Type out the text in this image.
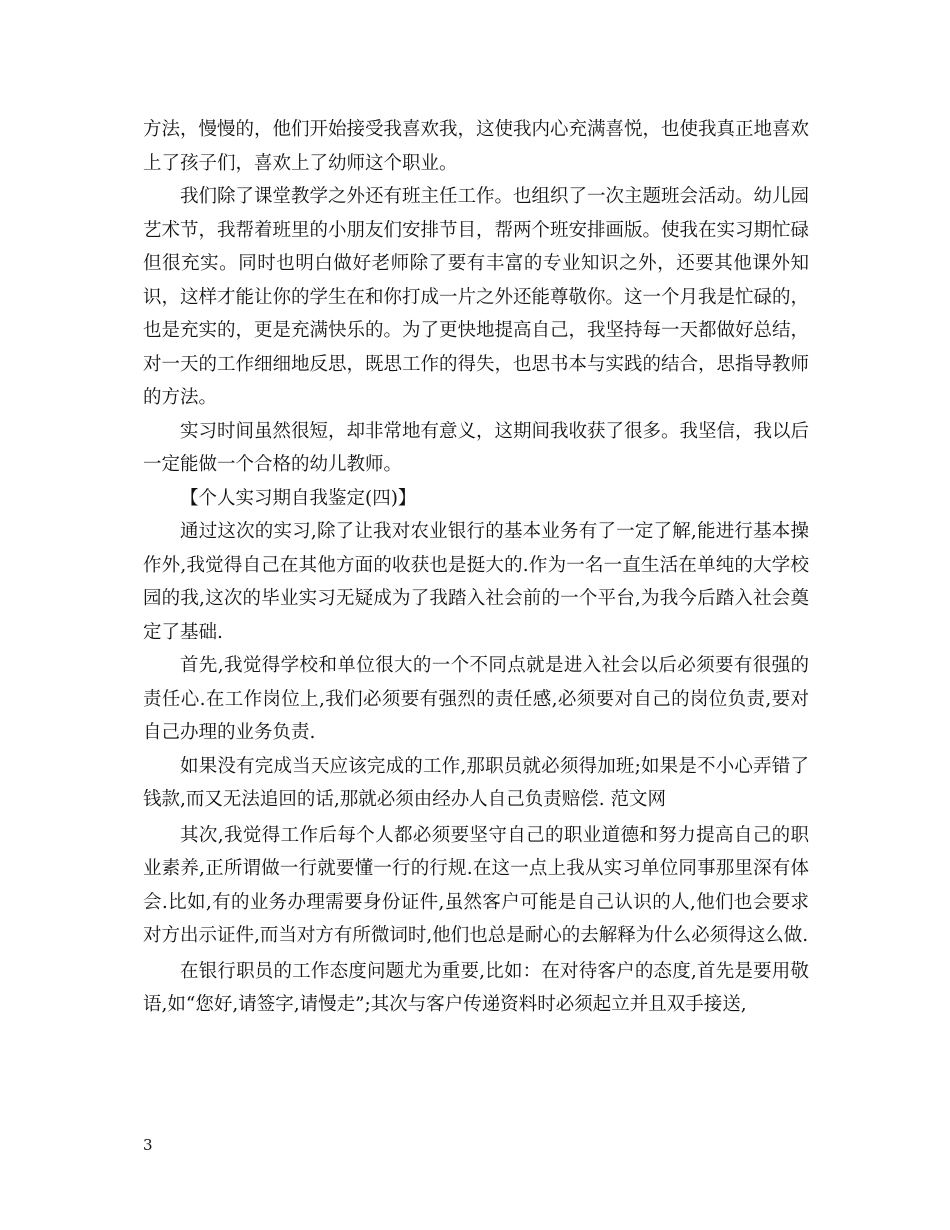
方法，慢慢的，他们开始接受我喜欢我，这使我内心充满喜悦，也使我真正地喜欢上了孩子们，喜欢上了幼师这个职业。

我们除了课堂教学之外还有班主任工作。也组织了一次主题班会活动。幼儿园艺术节，我帮着班里的小朋友们安排节目，帮两个班安排画版。使我在实习期忙碌但很充实。同时也明白做好老师除了要有丰富的专业知识之外，还要其他课外知识，这样才能让你的学生在和你打成一片之外还能尊敬你。这一个月我是忙碌的，也是充实的，更是充满快乐的。为了更快地提高自己，我坚持每一天都做好总结，对一天的工作细细地反思，既思工作的得失，也思书本与实践的结合，思指导教师的方法。

实习时间虽然很短，却非常地有意义，这期间我收获了很多。我坚信，我以后一定能做一个合格的幼儿教师。

【个人实习期自我鉴定(四)】

通过这次的实习,除了让我对农业银行的基本业务有了一定了解,能进行基本操作外,我觉得自己在其他方面的收获也是挺大的.作为一名一直生活在单纯的大学校园的我,这次的毕业实习无疑成为了我踏入社会前的一个平台,为我今后踏入社会奠定了基础.

首先,我觉得学校和单位很大的一个不同点就是进入社会以后必须要有很强的责任心.在工作岗位上,我们必须要有强烈的责任感,必须要对自己的岗位负责,要对自己办理的业务负责.

如果没有完成当天应该完成的工作,那职员就必须得加班;如果是不小心弄错了钱款,而又无法追回的话,那就必须由经办人自己负责赔偿. 范文网

其次,我觉得工作后每个人都必须要坚守自己的职业道德和努力提高自己的职业素养,正所谓做一行就要懂一行的行规.在这一点上我从实习单位同事那里深有体会.比如,有的业务办理需要身份证件,虽然客户可能是自己认识的人,他们也会要求对方出示证件,而当对方有所微词时,他们也总是耐心的去解释为什么必须得这么做.

在银行职员的工作态度问题尤为重要,比如：在对待客户的态度,首先是要用敬语,如“您好,请签字,请慢走”;其次与客户传递资料时必须起立并且双手接送,

3
